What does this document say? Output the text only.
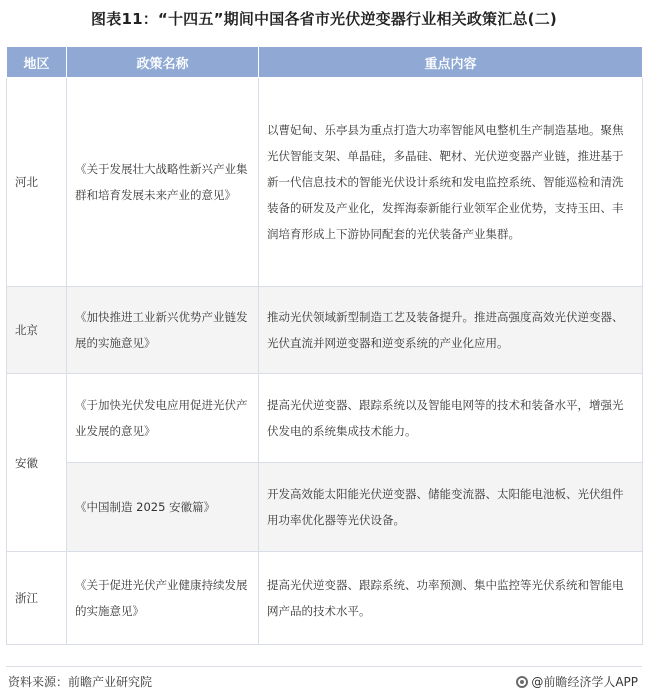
图表11：“十四五”期间中国各省市光伏逆变器行业相关政策汇总(二)
地区	政策名称	重点内容
河北	《关于发展壮大战略性新兴产业集群和培育发展未来产业的意见》	以曹妃甸、乐亭县为重点打造大功率智能风电整机生产制造基地。聚焦光伏智能支架、单晶硅，多晶硅、靶材、光伏逆变器产业链，推进基于新一代信息技术的智能光伏设计系统和发电监控系统、智能巡检和清洗装备的研发及产业化，发挥海泰新能行业领军企业优势，支持玉田、丰润培育形成上下游协同配套的光伏装备产业集群。
北京	《加快推进工业新兴优势产业链发展的实施意见》	推动光伏领域新型制造工艺及装备提升。推进高强度高效光伏逆变器、光伏直流并网逆变器和逆变系统的产业化应用。
安徽	《于加快光伏发电应用促进光伏产业发展的意见》	提高光伏逆变器、跟踪系统以及智能电网等的技术和装备水平，增强光伏发电的系统集成技术能力。
	《中国制造 2025 安徽篇》	开发高效能太阳能光伏逆变器、储能变流器、太阳能电池板、光伏组件用功率优化器等光伏设备。
浙江	《关于促进光伏产业健康持续发展的实施意见》	提高光伏逆变器、跟踪系统、功率预测、集中监控等光伏系统和智能电网产品的技术水平。
资料来源：前瞻产业研究院	@前瞻经济学人APP
